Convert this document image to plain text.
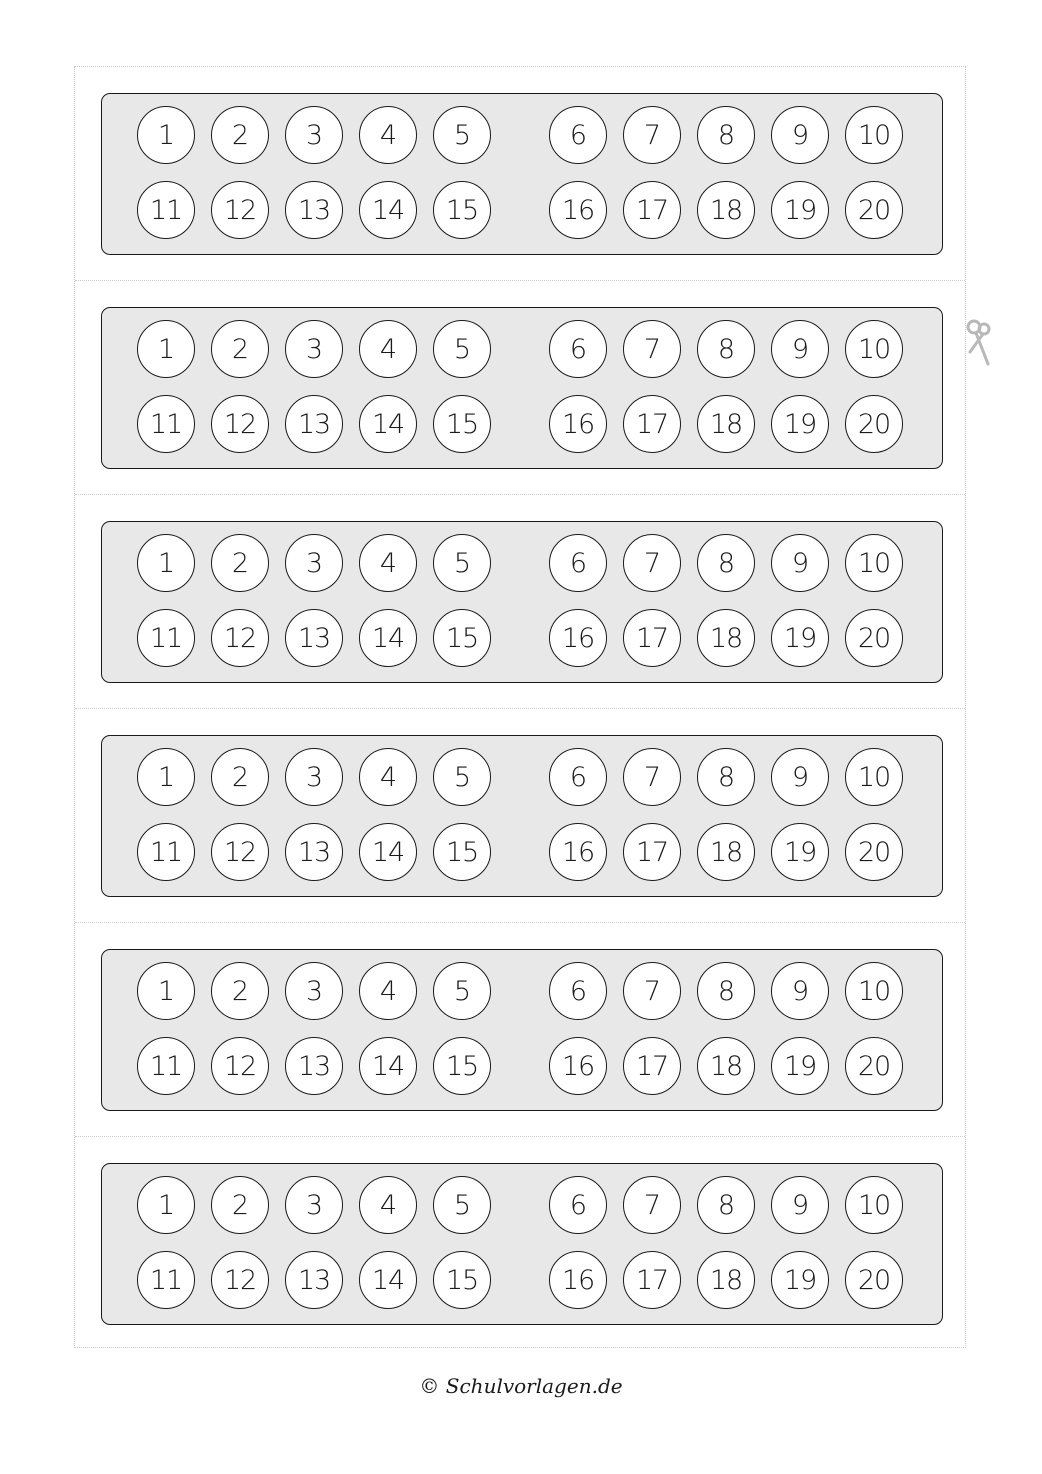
1	2	3	4	5	6	7	8	9	10
11	12	13	14	15	16	17	18	19	20
1	2	3	4	5	6	7	8	9	10
11	12	13	14	15	16	17	18	19	20
1	2	3	4	5	6	7	8	9	10
11	12	13	14	15	16	17	18	19	20
1	2	3	4	5	6	7	8	9	10
11	12	13	14	15	16	17	18	19	20
1	2	3	4	5	6	7	8	9	10
11	12	13	14	15	16	17	18	19	20
1	2	3	4	5	6	7	8	9	10
11	12	13	14	15	16	17	18	19	20
© Schulvorlagen.de
